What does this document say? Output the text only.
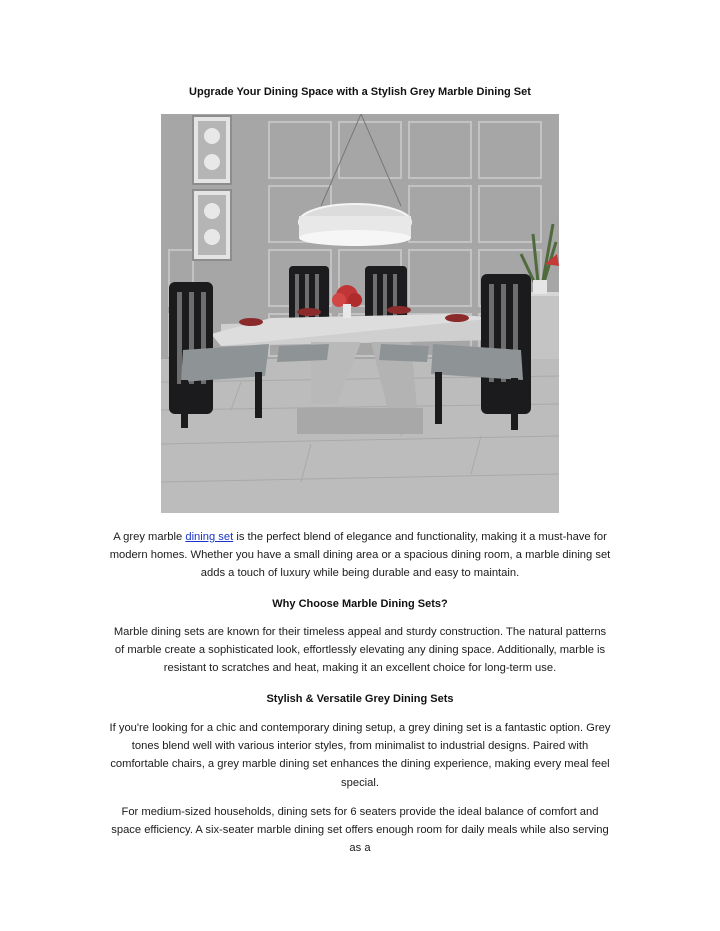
Upgrade Your Dining Space with a Stylish Grey Marble Dining Set
A grey marble dining set is the perfect blend of elegance and functionality, making it a must-have for
modern homes. Whether you have a small dining area or a spacious dining room, a marble dining set
adds a touch of luxury while being durable and easy to maintain.
Why Choose Marble Dining Sets?
Marble dining sets are known for their timeless appeal and sturdy construction. The natural patterns
of marble create a sophisticated look, effortlessly elevating any dining space. Additionally, marble is
resistant to scratches and heat, making it an excellent choice for long-term use.
Stylish & Versatile Grey Dining Sets
If you're looking for a chic and contemporary dining setup, a grey dining set is a fantastic option. Grey
tones blend well with various interior styles, from minimalist to industrial designs. Paired with
comfortable chairs, a grey marble dining set enhances the dining experience, making every meal feel
special.
For medium-sized households, dining sets for 6 seaters provide the ideal balance of comfort and
space efficiency. A six-seater marble dining set offers enough room for daily meals while also serving
as a
